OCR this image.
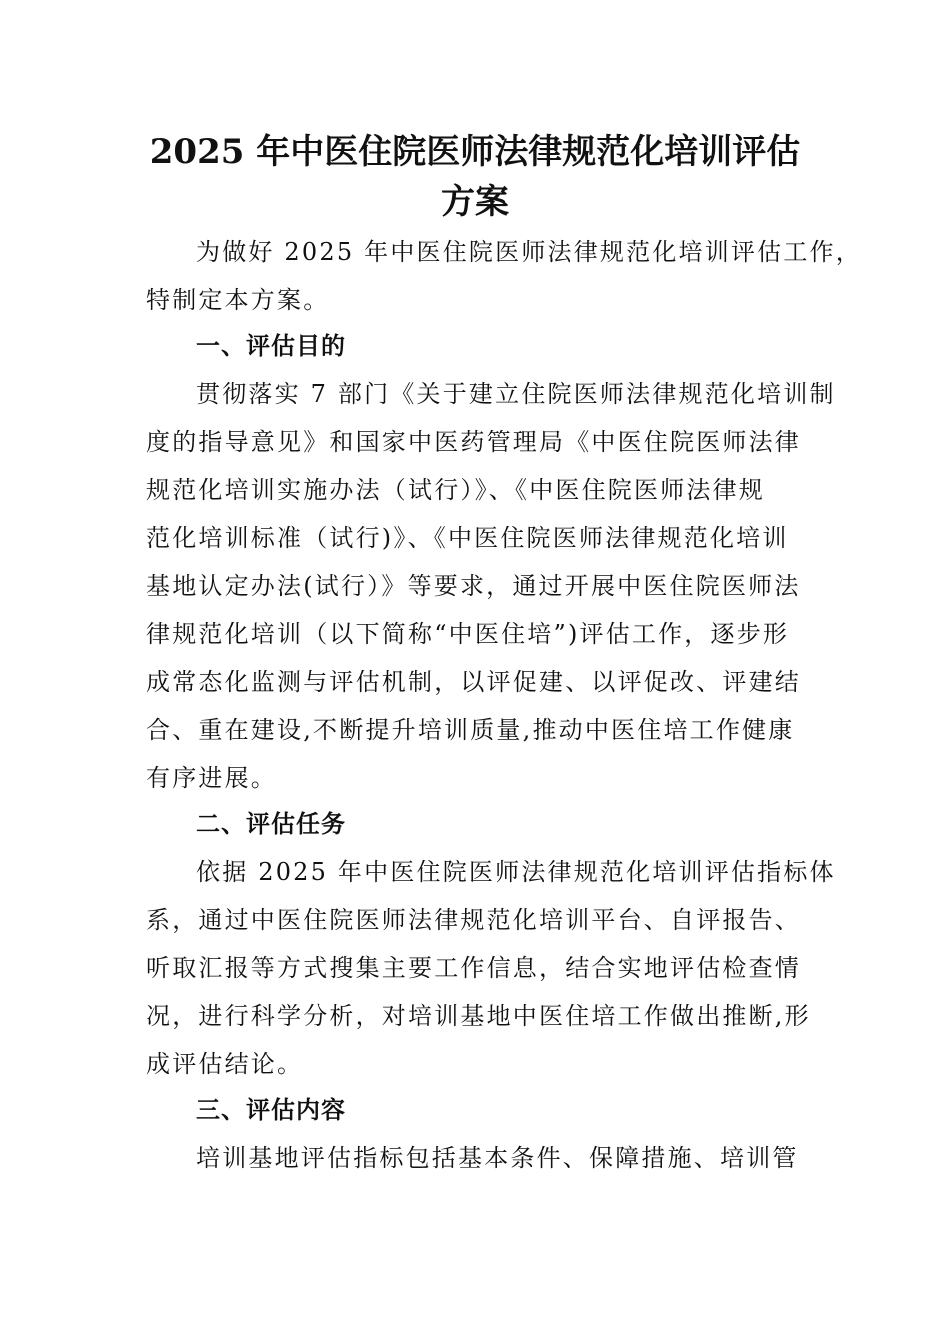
2025 年中医住院医师法律规范化培训评估
方案
为做好 2025 年中医住院医师法律规范化培训评估工作，
特制定本方案。
一、评估目的
贯彻落实 7 部门《关于建立住院医师法律规范化培训制
度的指导意见》和国家中医药管理局《中医住院医师法律
规范化培训实施办法（试行）》、《中医住院医师法律规
范化培训标准（试行)》、《中医住院医师法律规范化培训
基地认定办法(试行）》等要求，通过开展中医住院医师法
律规范化培训（以下简称“中医住培”)评估工作，逐步形
成常态化监测与评估机制，以评促建、以评促改、评建结
合、重在建设,不断提升培训质量,推动中医住培工作健康
有序进展。
二、评估任务
依据 2025 年中医住院医师法律规范化培训评估指标体
系，通过中医住院医师法律规范化培训平台、自评报告、
听取汇报等方式搜集主要工作信息，结合实地评估检查情
况，进行科学分析，对培训基地中医住培工作做出推断,形
成评估结论。
三、评估内容
培训基地评估指标包括基本条件、保障措施、培训管
